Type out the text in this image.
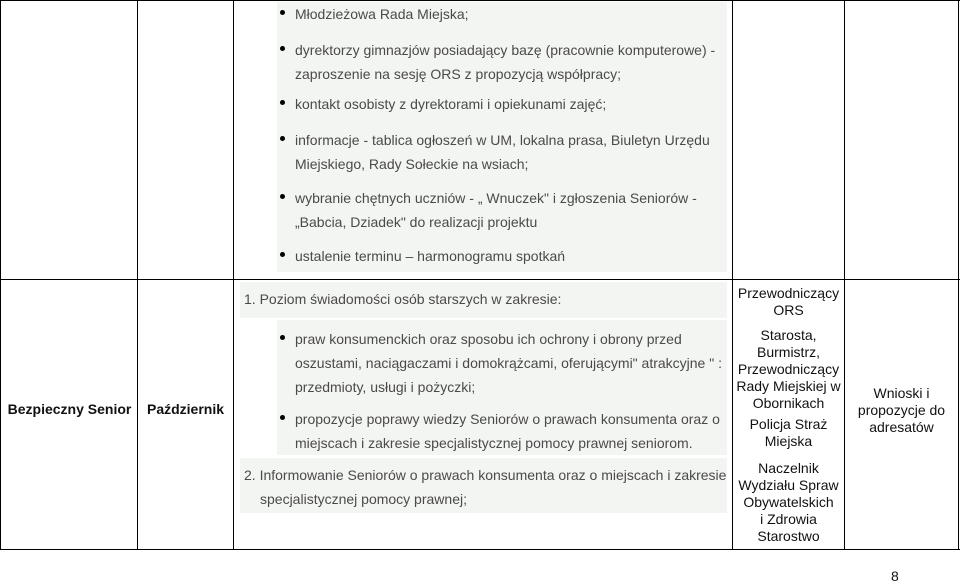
Młodzieżowa Rada Miejska;
dyrektorzy gimnazjów posiadający bazę (pracownie komputerowe) -
zaproszenie na sesję ORS z propozycją współpracy;
kontakt osobisty z dyrektorami i opiekunami zajęć;
informacje - tablica ogłoszeń w UM, lokalna prasa, Biuletyn Urzędu
Miejskiego, Rady Sołeckie na wsiach;
wybranie chętnych uczniów - „ Wnuczek" i zgłoszenia Seniorów -
„Babcia, Dziadek" do realizacji projektu
ustalenie terminu – harmonogramu spotkań
Bezpieczny Senior	Październik
1. Poziom świadomości osób starszych w zakresie:
praw konsumenckich oraz sposobu ich ochrony i obrony przed
oszustami, naciągaczami i domokrążcami, oferującymi" atrakcyjne " :
przedmioty, usługi i pożyczki;
propozycje poprawy wiedzy Seniorów o prawach konsumenta oraz o
miejscach i zakresie specjalistycznej pomocy prawnej seniorom.
2. Informowanie Seniorów o prawach konsumenta oraz o miejscach i zakresie
specjalistycznej pomocy prawnej;
Przewodniczący
ORS
Starosta,
Burmistrz,
Przewodniczący
Rady Miejskiej w
Obornikach
Policja Straż
Miejska
Naczelnik
Wydziału Spraw
Obywatelskich
i Zdrowia
Starostwo
Wnioski i
propozycje do
adresatów
8
